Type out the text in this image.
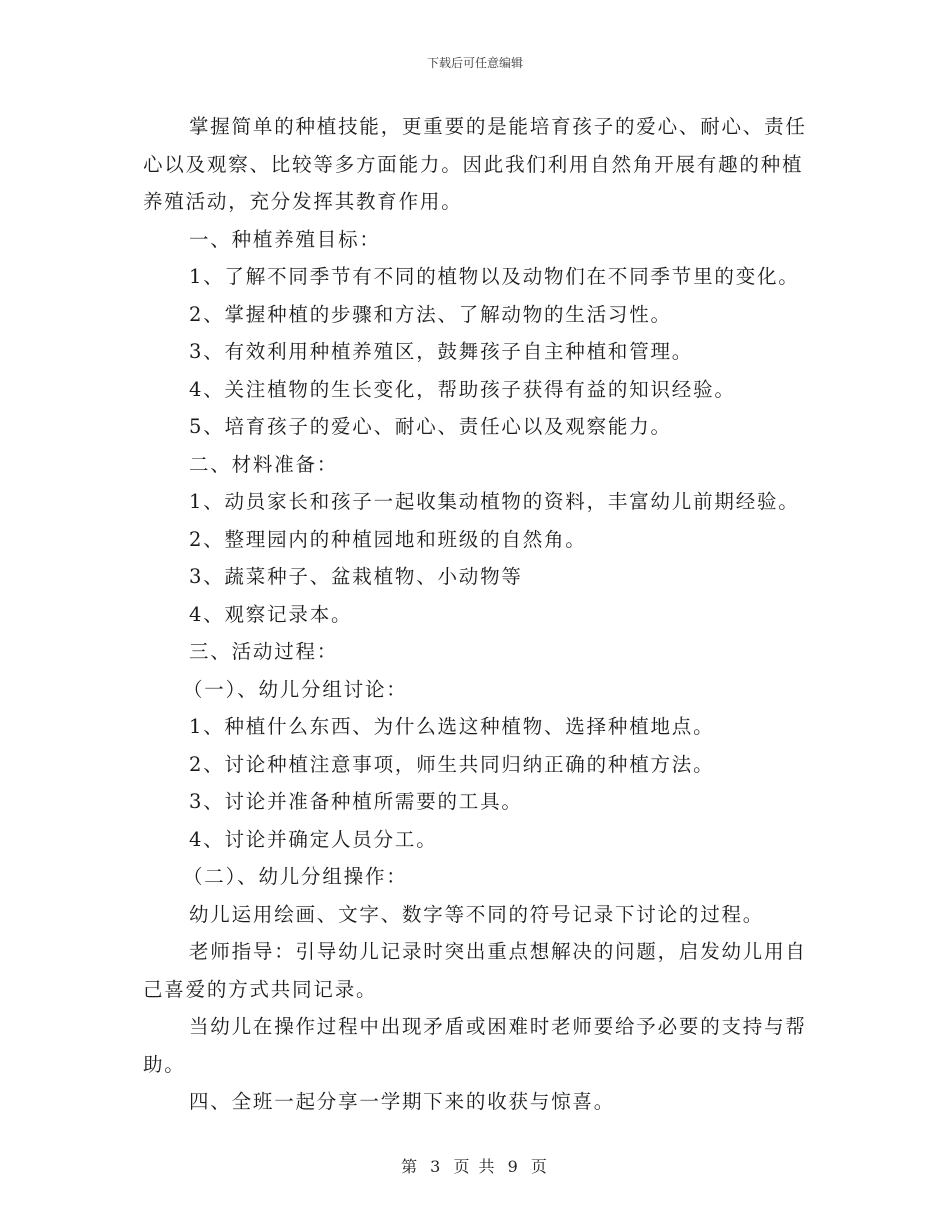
下载后可任意编辑

掌握简单的种植技能，更重要的是能培育孩子的爱心、耐心、责任心以及观察、比较等多方面能力。因此我们利用自然角开展有趣的种植养殖活动，充分发挥其教育作用。

一、种植养殖目标：

1、了解不同季节有不同的植物以及动物们在不同季节里的变化。

2、掌握种植的步骤和方法、了解动物的生活习性。

3、有效利用种植养殖区，鼓舞孩子自主种植和管理。

4、关注植物的生长变化，帮助孩子获得有益的知识经验。

5、培育孩子的爱心、耐心、责任心以及观察能力。

二、材料准备：

1、动员家长和孩子一起收集动植物的资料，丰富幼儿前期经验。

2、整理园内的种植园地和班级的自然角。

3、蔬菜种子、盆栽植物、小动物等

4、观察记录本。

三、活动过程：

（一）、幼儿分组讨论：

1、种植什么东西、为什么选这种植物、选择种植地点。

2、讨论种植注意事项，师生共同归纳正确的种植方法。

3、讨论并准备种植所需要的工具。

4、讨论并确定人员分工。

（二）、幼儿分组操作：

幼儿运用绘画、文字、数字等不同的符号记录下讨论的过程。

老师指导：引导幼儿记录时突出重点想解决的问题，启发幼儿用自己喜爱的方式共同记录。

当幼儿在操作过程中出现矛盾或困难时老师要给予必要的支持与帮助。

四、全班一起分享一学期下来的收获与惊喜。

第 3 页 共 9 页
